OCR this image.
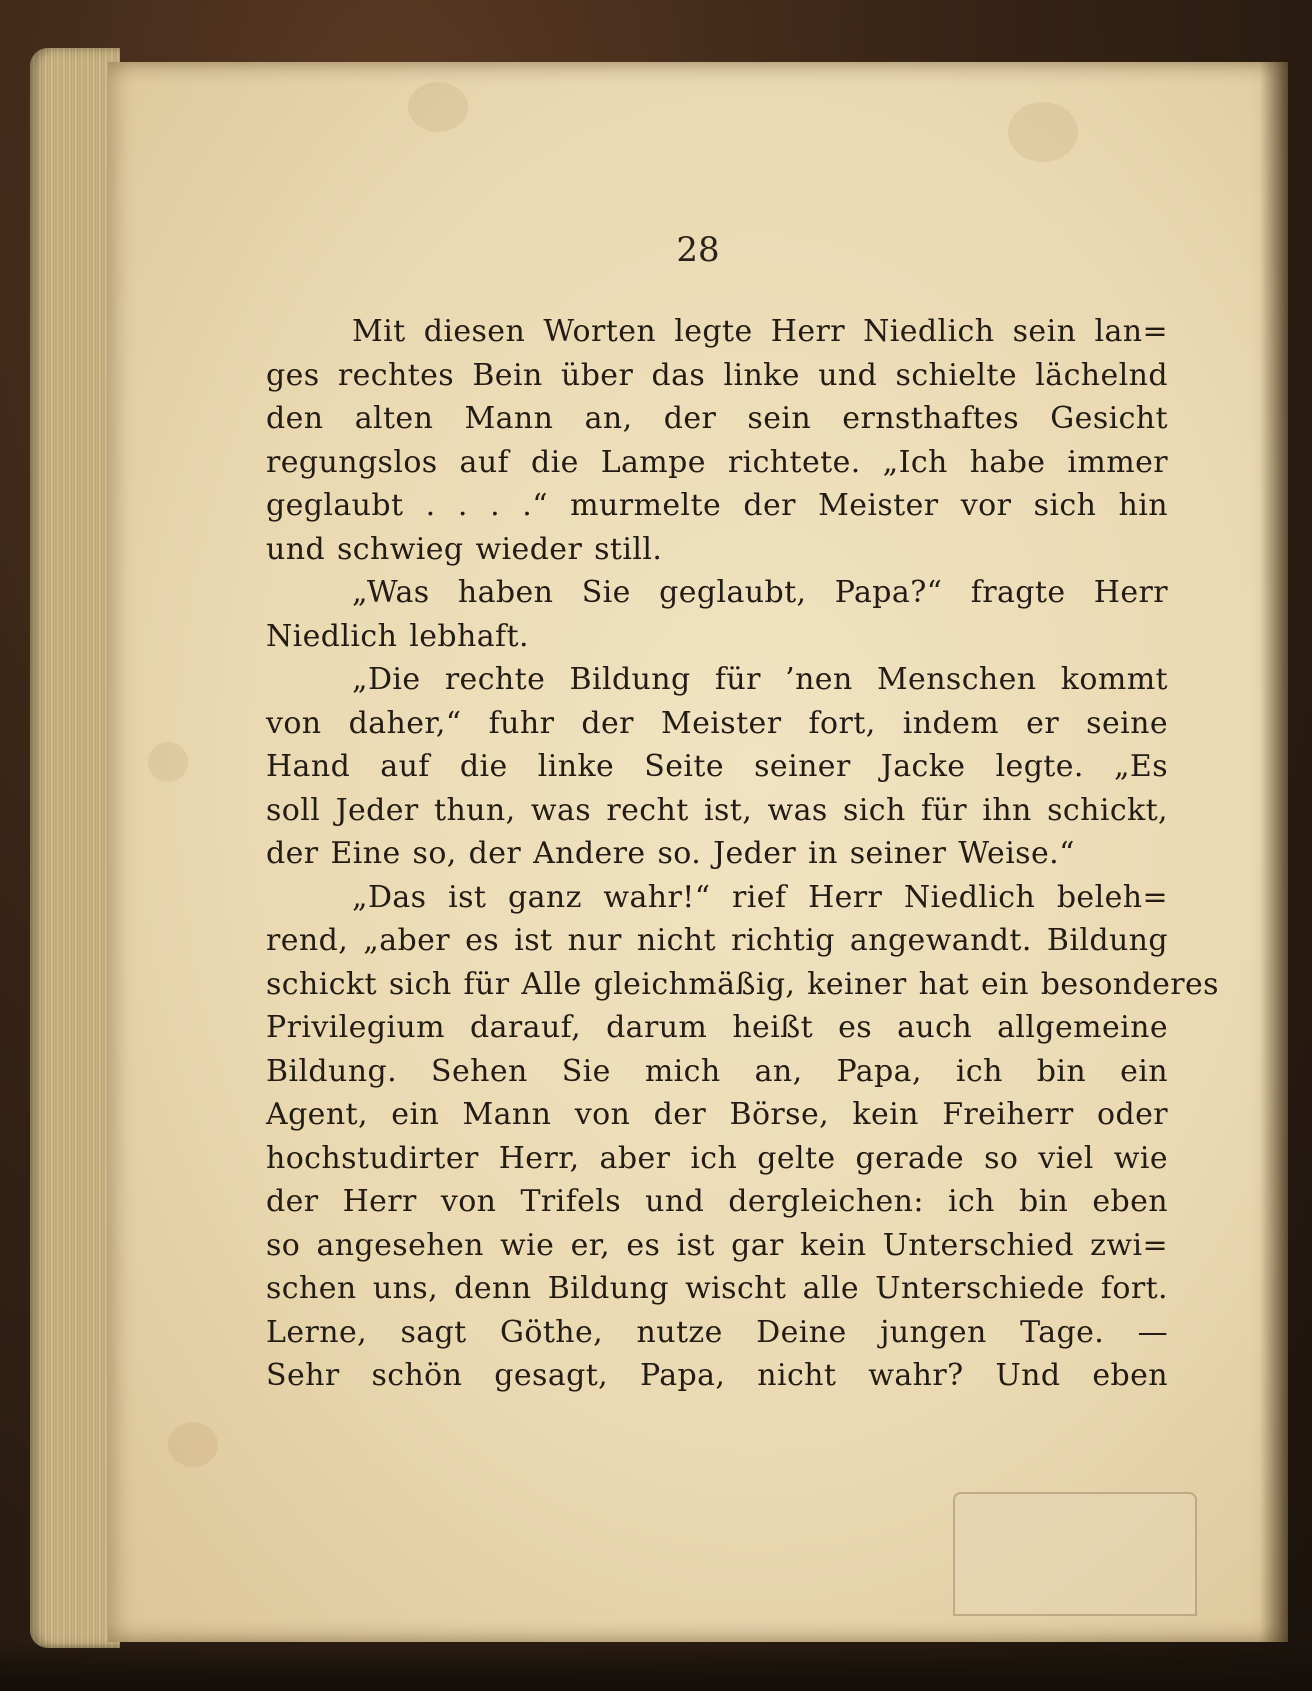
28
Mit diesen Worten legte Herr Niedlich sein lan=
ges rechtes Bein über das linke und schielte lächelnd
den alten Mann an, der sein ernsthaftes Gesicht
regungslos auf die Lampe richtete. „Ich habe immer
geglaubt . . . .“ murmelte der Meister vor sich hin
und schwieg wieder still.
„Was haben Sie geglaubt, Papa?“ fragte Herr
Niedlich lebhaft.
„Die rechte Bildung für ’nen Menschen kommt
von daher,“ fuhr der Meister fort, indem er seine
Hand auf die linke Seite seiner Jacke legte. „Es
soll Jeder thun, was recht ist, was sich für ihn schickt,
der Eine so, der Andere so. Jeder in seiner Weise.“
„Das ist ganz wahr!“ rief Herr Niedlich beleh=
rend, „aber es ist nur nicht richtig angewandt. Bildung
schickt sich für Alle gleichmäßig, keiner hat ein besonderes
Privilegium darauf, darum heißt es auch allgemeine
Bildung. Sehen Sie mich an, Papa, ich bin ein
Agent, ein Mann von der Börse, kein Freiherr oder
hochstudirter Herr, aber ich gelte gerade so viel wie
der Herr von Trifels und dergleichen: ich bin eben
so angesehen wie er, es ist gar kein Unterschied zwi=
schen uns, denn Bildung wischt alle Unterschiede fort.
Lerne, sagt Göthe, nutze Deine jungen Tage. —
Sehr schön gesagt, Papa, nicht wahr? Und eben
